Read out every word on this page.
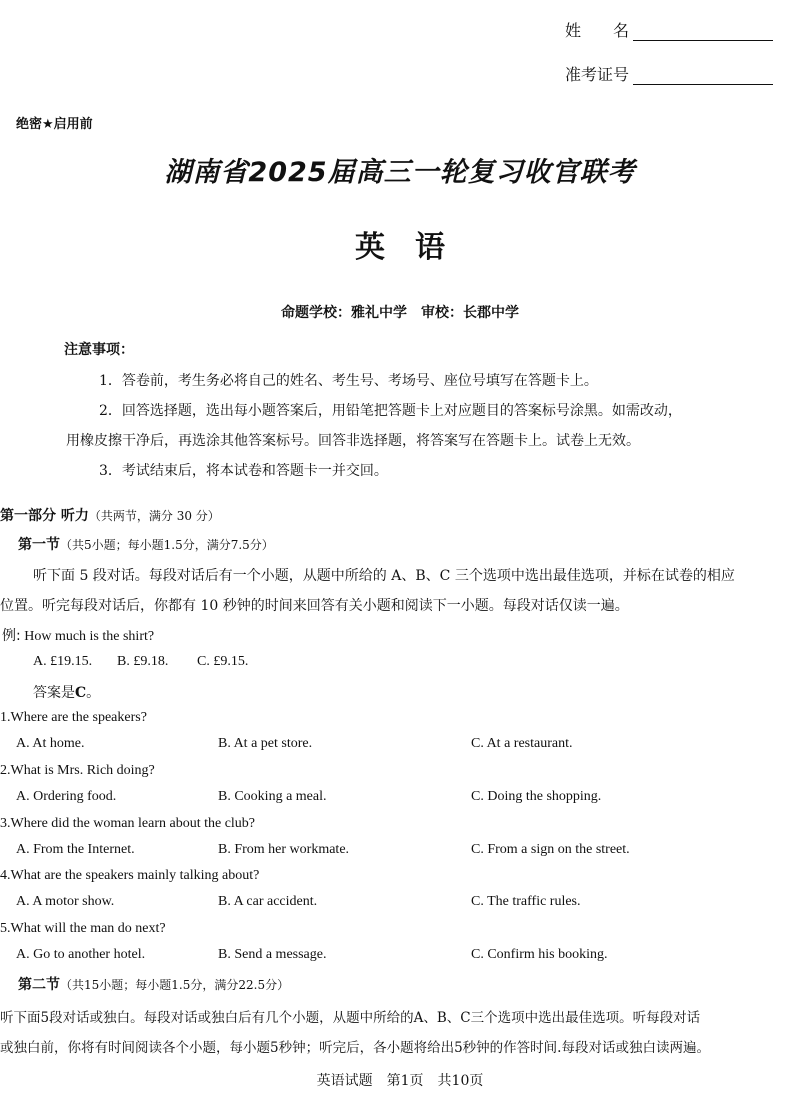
姓　　名
准考证号
绝密★启用前
湖南省2025届高三一轮复习收官联考
英　语
命题学校：雅礼中学　审校：长郡中学
注意事项：
1．答卷前，考生务必将自己的姓名、考生号、考场号、座位号填写在答题卡上。
2．回答选择题，选出每小题答案后，用铅笔把答题卡上对应题目的答案标号涂黑。如需改动，
用橡皮擦干净后，再选涂其他答案标号。回答非选择题，将答案写在答题卡上。试卷上无效。
3．考试结束后，将本试卷和答题卡一并交回。
第一部分 听力（共两节，满分 30 分）
第一节（共5小题；每小题1.5分，满分7.5分）
听下面 5 段对话。每段对话后有一个小题，从题中所给的 A、B、C 三个选项中选出最佳选项，并标在试卷的相应
位置。听完每段对话后，你都有 10 秒钟的时间来回答有关小题和阅读下一小题。每段对话仅读一遍。
例: How much is the shirt?
A. £19.15. B. £9.18. C. £9.15.
答案是C。
1.Where are the speakers?
A. At home.	B. At a pet store.	C. At a restaurant.
2.What is Mrs. Rich doing?
A. Ordering food.	B. Cooking a meal.	C. Doing the shopping.
3.Where did the woman learn about the club?
A. From the Internet.	B. From her workmate.	C. From a sign on the street.
4.What are the speakers mainly talking about?
A. A motor show.	B. A car accident.	C. The traffic rules.
5.What will the man do next?
A. Go to another hotel.	B. Send a message.	C. Confirm his booking.
第二节（共15小题；每小题1.5分，满分22.5分）
听下面5段对话或独白。每段对话或独白后有几个小题，从题中所给的A、B、C三个选项中选出最佳选项。听每段对话
或独白前，你将有时间阅读各个小题，每小题5秒钟；听完后，各小题将给出5秒钟的作答时间.每段对话或独白读两遍。
英语试题　第1页　共10页
